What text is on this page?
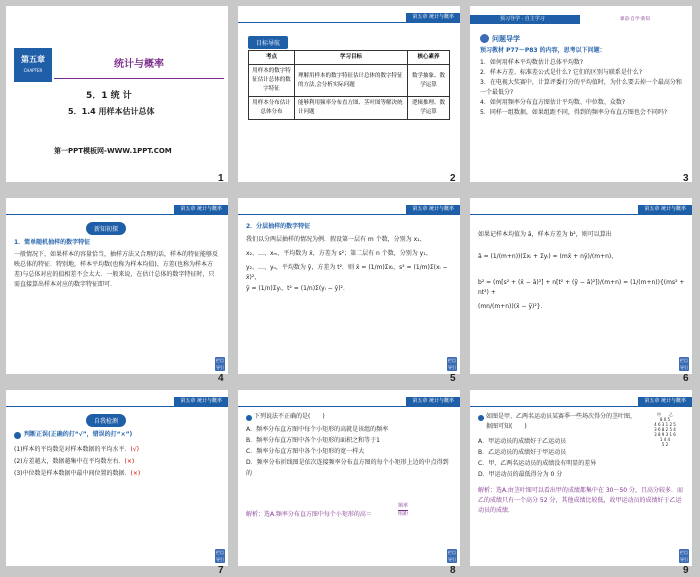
第五章
CHAPTER
统计与概率
5．1 统 计
5．1.4 用样本估计总体
第一PPT模板网-WWW.1PPT.COM
1
第五章 统计与概率
目标导航
考点	学习目标	核心素养
用样本的数字特征估计总体的数字特征	理解用样本的数字特征估计总体的数字特征的方法,会分析实际问题	数学抽象、数学运算
用样本分布估计总体分布	能够利用频率分布直方图、茎叶图等解决统计问题	逻辑推理、数学运算
2
预习导学 · 自主学习	课前·自学·新知
问题导学
预习教材 P77～P83 的内容，思考以下问题：
1．如何用样本平均数估计总体平均数?
2．样本方差、标准差公式是什么? 它们的区别与联系是什么?
3．在电视大奖赛中，计算评委打分的平均值时，为什么要去掉一个最高分和一个最低分?
4．如何用频率分布直方图估计平均数、中位数、众数?
5．同样一组数据，如果组距不同，得到的频率分布直方图也会不同吗?
3
第五章 统计与概率
新知初探
1．简单随机抽样的数字特征
一般情况下，如果样本的容量恰当，抽样方法又合理的话，样本的特征能够反映总体的特征．特别地，样本平均数(也称为样本均值)、方差(也称为样本方差)与总体对应的值相差不会太大．一般来说，在估计总体的数字特征时，只需直接算出样本对应的数字特征即可．
栏目
导引
4
第五章 统计与概率
2．分层抽样的数字特征
我们以分两层抽样的情况为例．假设第一层有 m 个数，分别为 x₁、
x₂、…、xₘ，平均数为 x̄，方差为 s²；第二层有 n 个数，分别为 y₁、
y₂、…、yₙ，平均数为 ȳ，方差为 t²．则 x̄ = (1/m)Σxᵢ，s² = (1/m)Σ(xᵢ − x̄)²，
ȳ = (1/n)Σyᵢ，t² = (1/n)Σ(yᵢ − ȳ)²．
栏目
导引
5
第五章 统计与概率
如果记样本均值为 ā，样本方差为 b²，则可以算出
ā = (1/(m+n))(Σxᵢ + Σyᵢ) = (mx̄ + nȳ)/(m+n)，
b² = (m[s² + (x̄ − ā)²] + n[t² + (ȳ − ā)²])/(m+n) = (1/(m+n)){(ms² + nt²) +
(mn/(m+n))(x̄ − ȳ)²}．
栏目
导引
6
第五章 统计与概率
自我检测
判断正误(正确的打“√”，错误的打“×”)
(1)样本的平均数是对样本数据的平均水平．(√)
(2)方差越大，数据越集中在平均数左右．(×)
(3)中位数是样本数据中最中间位置的数据．(×)
栏目
导引
7
第五章 统计与概率
下列说法不正确的是(　　)
A．频率分布直方图中每个小矩形的高就是该组的频率
B．频率分布直方图中各个小矩形的面积之和等于1
C．频率分布直方图中各个小矩形的宽一样大
D．频率分布折线图是依次连接频率分布直方图的每个小矩形上边的中点得到的
解析：选A.频率分布直方图中每个小矩形的高＝
频率
组距
栏目
导引
8
第五章 统计与概率
如图是甲、乙两名运动员某赛季一些场次得分的茎叶图，据图可知(　　)
甲　　乙
8 0 5
4 6 3 1 2 5
3 6 8 2 5 4
3 8 9 3 1 6
1 4 4
5 2
A．甲运动员的成绩好于乙运动员
B．乙运动员的成绩好于甲运动员
C．甲、乙两名运动员的成绩没有明显的差异
D．甲运动员的最低得分为 0 分
解析：选A.由茎叶图可以看出甲的成绩都集中在 30～50 分，且高分较多．而乙的成绩只有一个高分 52 分，其他成绩比较低，故甲运动员的成绩好于乙运动员的成绩．
栏目
导引
9
